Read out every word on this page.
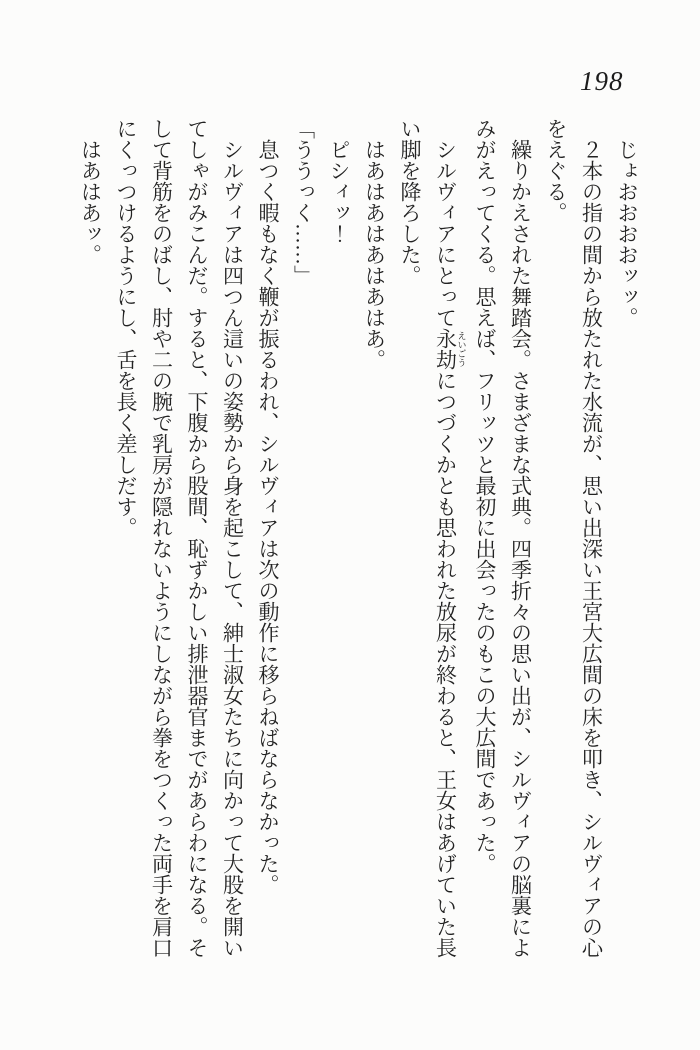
198
じょおおおおッッ。
２本の指の間から放たれた水流が、思い出深い王宮大広間の床を叩き、シルヴィアの心
をえぐる。
繰りかえされた舞踏会。さまざまな式典。四季折々の思い出が、シルヴィアの脳裏によ
みがえってくる。思えば、フリッツと最初に出会ったのもこの大広間であった。
シルヴィアにとって永劫 えいごうにつづくかとも思われた放尿が終わると、王女はあげていた長
い脚を降ろした。
はあはあはあはあはあ。
ピシィッ！
「ううっく……」
息つく暇もなく鞭が振るわれ、シルヴィアは次の動作に移らねばならなかった。
シルヴィアは四つん這いの姿勢から身を起こして、紳士淑女たちに向かって大股を開い
てしゃがみこんだ。すると、下腹から股間、恥ずかしい排泄器官までがあらわになる。そ
して背筋をのばし、肘や二の腕で乳房が隠れないようにしながら拳をつくった両手を肩口
にくっつけるようにし、舌を長く差しだす。
はあはあッ。
